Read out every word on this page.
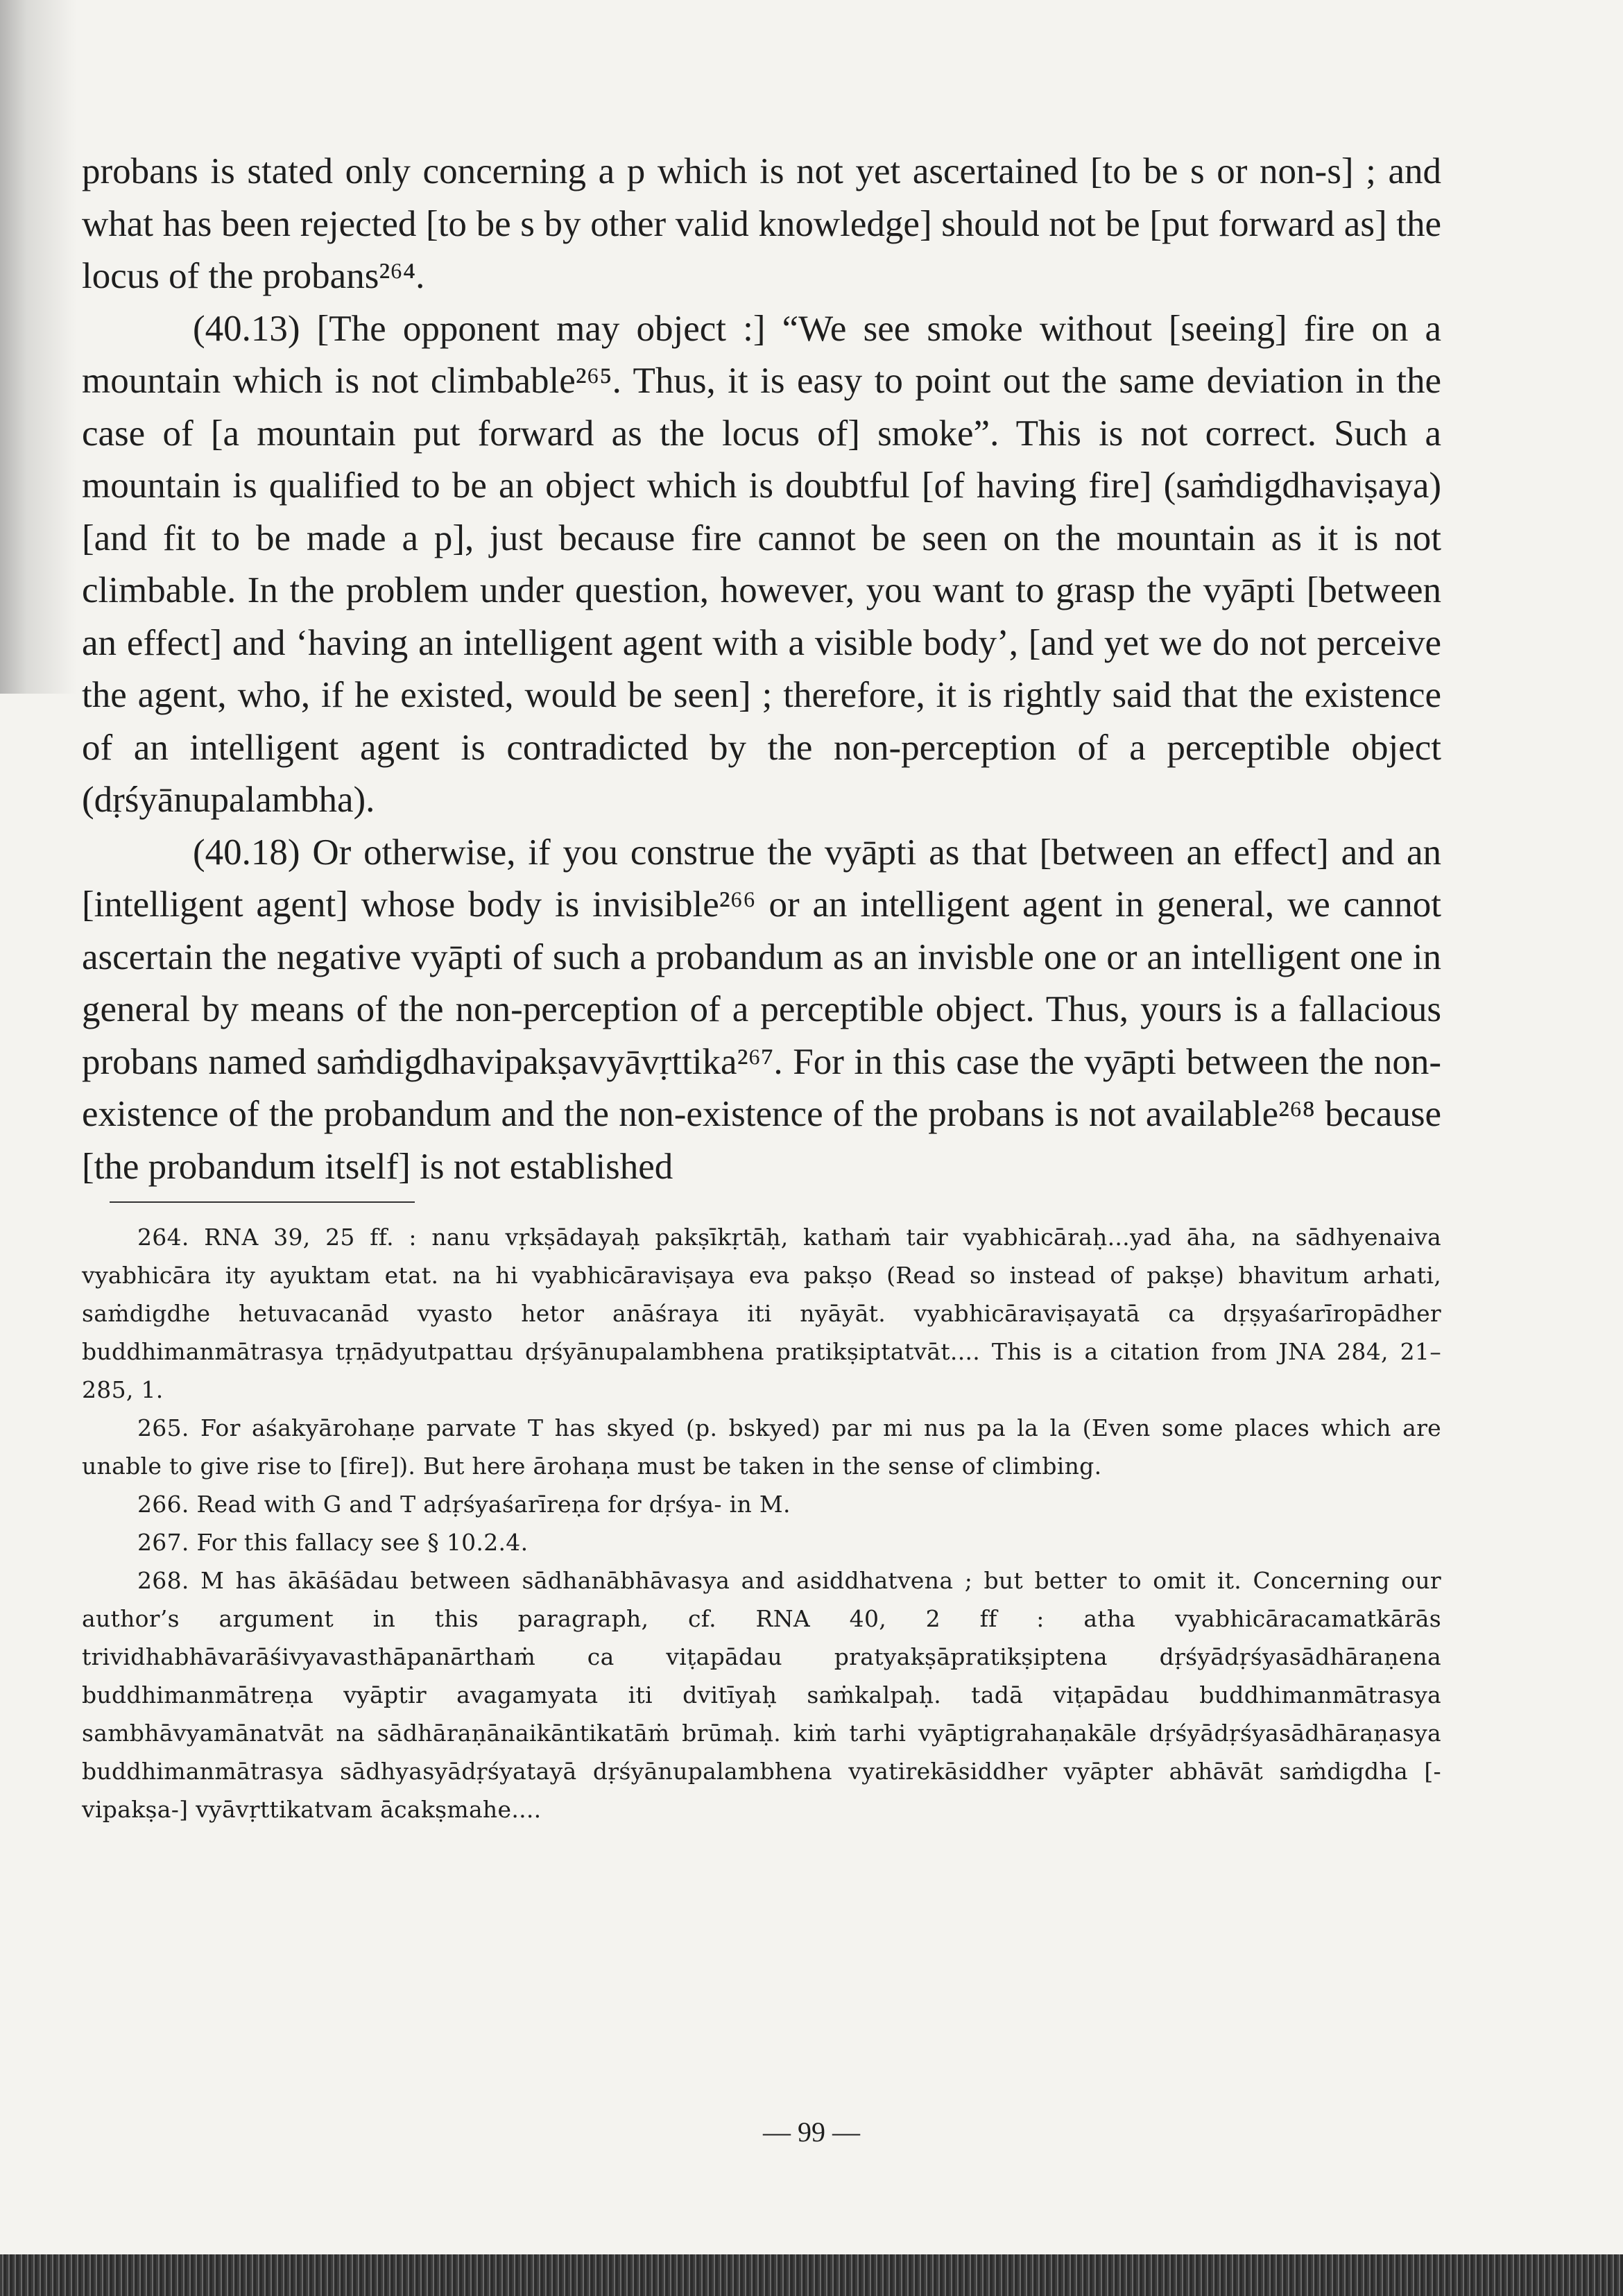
probans is stated only concerning a p which is not yet ascertained [to be s or non-s] ; and what has been rejected [to be s by other valid knowledge] should not be [put forward as] the locus of the probans²⁶⁴.

(40.13) [The opponent may object :] “We see smoke without [seeing] fire on a mountain which is not climbable²⁶⁵. Thus, it is easy to point out the same deviation in the case of [a mountain put forward as the locus of] smoke”. This is not correct. Such a mountain is qualified to be an object which is doubtful [of having fire] (saṁdigdhaviṣaya) [and fit to be made a p], just because fire cannot be seen on the mountain as it is not climbable. In the problem under question, however, you want to grasp the vyāpti [between an effect] and ‘having an intelligent agent with a visible body’, [and yet we do not perceive the agent, who, if he existed, would be seen] ; therefore, it is rightly said that the existence of an intelligent agent is contradicted by the non-perception of a perceptible object (dṛśyānupalambha).

(40.18) Or otherwise, if you construe the vyāpti as that [between an effect] and an [intelligent agent] whose body is invisible²⁶⁶ or an intelligent agent in general, we cannot ascertain the negative vyāpti of such a probandum as an invisble one or an intelligent one in general by means of the non-perception of a perceptible object. Thus, yours is a fallacious probans named saṁdigdhavipakṣavyāvṛttika²⁶⁷. For in this case the vyāpti between the non-existence of the probandum and the non-existence of the probans is not available²⁶⁸ because [the probandum itself] is not established

264. RNA 39, 25 ff. : nanu vṛkṣādayaḥ pakṣīkṛtāḥ, kathaṁ tair vyabhicāraḥ...yad āha, na sādhyenaiva vyabhicāra ity ayuktam etat. na hi vyabhicāraviṣaya eva pakṣo (Read so instead of pakṣe) bhavitum arhati, saṁdigdhe hetuvacanād vyasto hetor anāśraya iti nyāyāt. vyabhicāraviṣayatā ca dṛṣyaśarīropādher buddhimanmātrasya tṛṇādyutpattau dṛśyānupalambhena pratikṣiptatvāt.... This is a citation from JNA 284, 21–285, 1.

265. For aśakyārohaṇe parvate T has skyed (p. bskyed) par mi nus pa la la (Even some places which are unable to give rise to [fire]). But here ārohaṇa must be taken in the sense of climbing.

266. Read with G and T adṛśyaśarīreṇa for dṛśya- in M.

267. For this fallacy see § 10.2.4.

268. M has ākāśādau between sādhanābhāvasya and asiddhatvena ; but better to omit it. Concerning our author’s argument in this paragraph, cf. RNA 40, 2 ff : atha vyabhicāracamatkārās trividhabhāvarāśivyavasthāpanārthaṁ ca viṭapādau pratyakṣāpratikṣiptena dṛśyādṛśyasādhāraṇena buddhimanmātreṇa vyāptir avagamyata iti dvitīyaḥ saṁkalpaḥ. tadā viṭapādau buddhimanmātrasya sambhāvyamānatvāt na sādhāraṇānaikāntikatāṁ brūmaḥ. kiṁ tarhi vyāptigrahaṇakāle dṛśyādṛśyasādhāraṇasya buddhimanmātrasya sādhyasyādṛśyatayā dṛśyānupalambhena vyatirekāsiddher vyāpter abhāvāt saṁdigdha [-vipakṣa-] vyāvṛttikatvam ācakṣmahe....

— 99 —
